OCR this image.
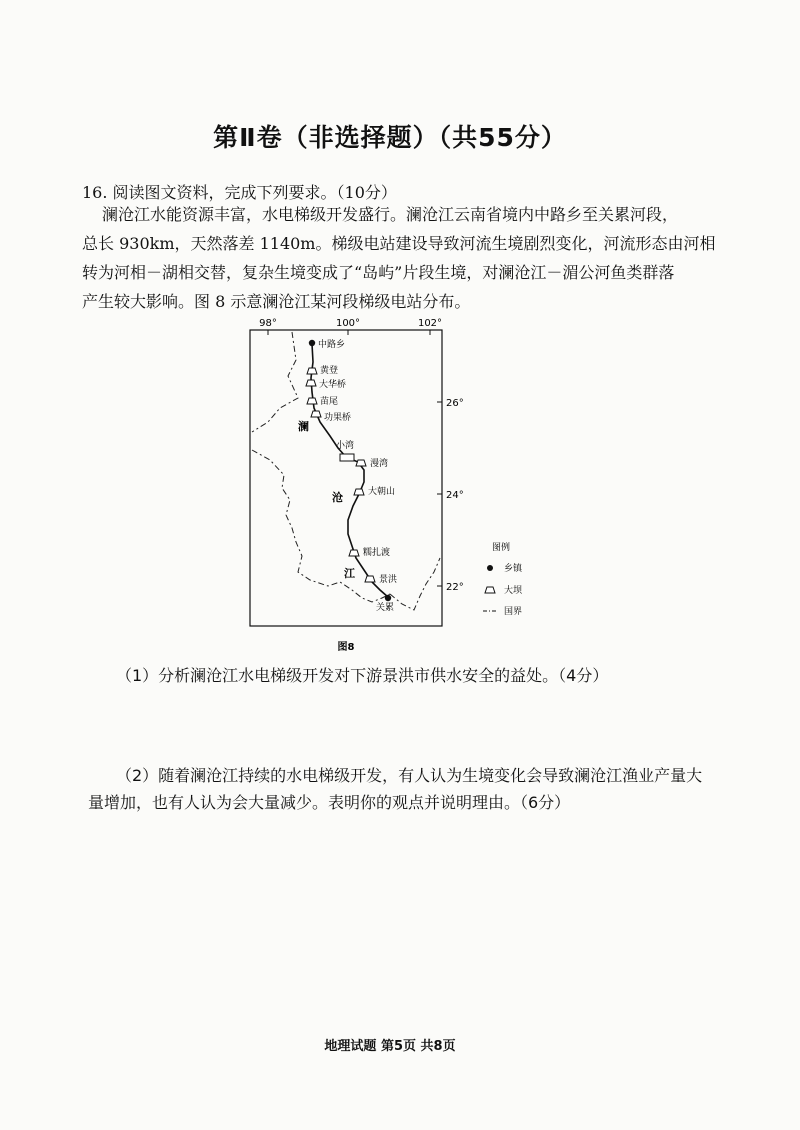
第Ⅱ卷（非选择题）（共55分）
16. 阅读图文资料，完成下列要求。（10分）
澜沧江水能资源丰富，水电梯级开发盛行。澜沧江云南省境内中路乡至关累河段，
总长 930km，天然落差 1140m。梯级电站建设导致河流生境剧烈变化，河流形态由河相
转为河相－湖相交替，复杂生境变成了“岛屿”片段生境，对澜沧江－湄公河鱼类群落
产生较大影响。图 8 示意澜沧江某河段梯级电站分布。
98°	100°	102°
26°
24°
22°
澜
沧
江
中路乡
关累
黄登
大华桥
苗尾
功果桥
小湾
漫湾
大朝山
糯扎渡
景洪
图例
乡镇
大坝
国界
图8
（1）分析澜沧江水电梯级开发对下游景洪市供水安全的益处。（4分）
（2）随着澜沧江持续的水电梯级开发，有人认为生境变化会导致澜沧江渔业产量大
量增加，也有人认为会大量减少。表明你的观点并说明理由。（6分）
地理试题 第5页 共8页
